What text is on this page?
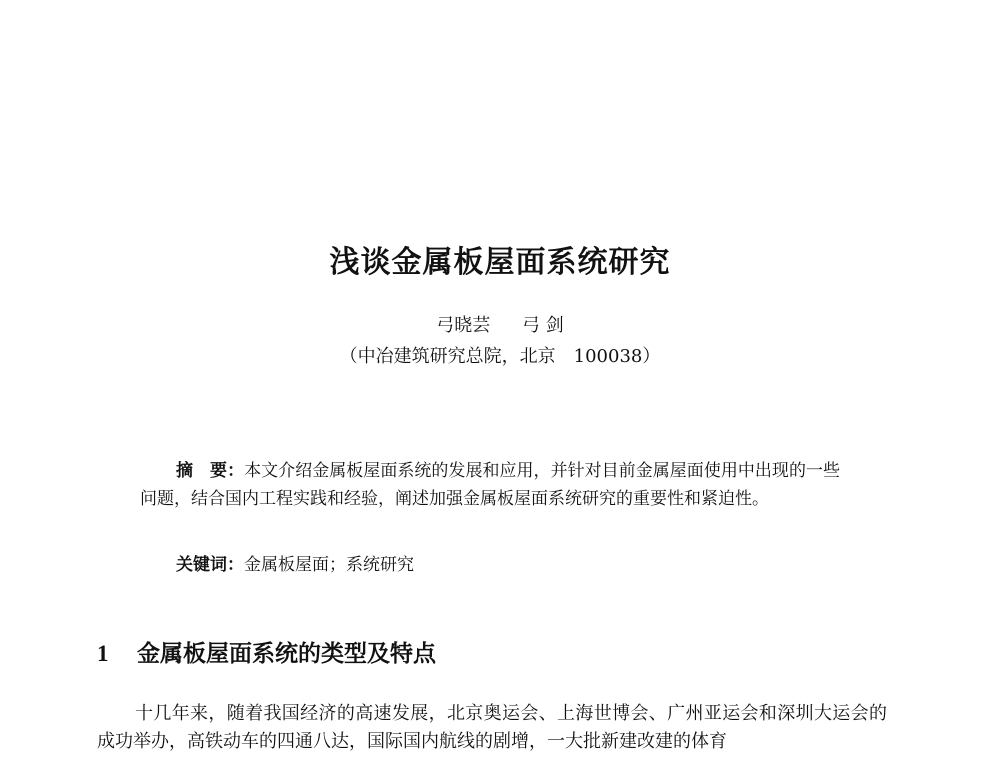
浅谈金属板屋面系统研究
弓晓芸 弓 剑
（中冶建筑研究总院，北京　100038）

摘　要：本文介绍金属板屋面系统的发展和应用，并针对目前金属屋面使用中出现的一些问题，结合国内工程实践和经验，阐述加强金属板屋面系统研究的重要性和紧迫性。

关键词：金属板屋面；系统研究
1 金属板屋面系统的类型及特点

十几年来，随着我国经济的高速发展，北京奥运会、上海世博会、广州亚运会和深圳大运会的成功举办，高铁动车的四通八达，国际国内航线的剧增，一大批新建改建的体育
